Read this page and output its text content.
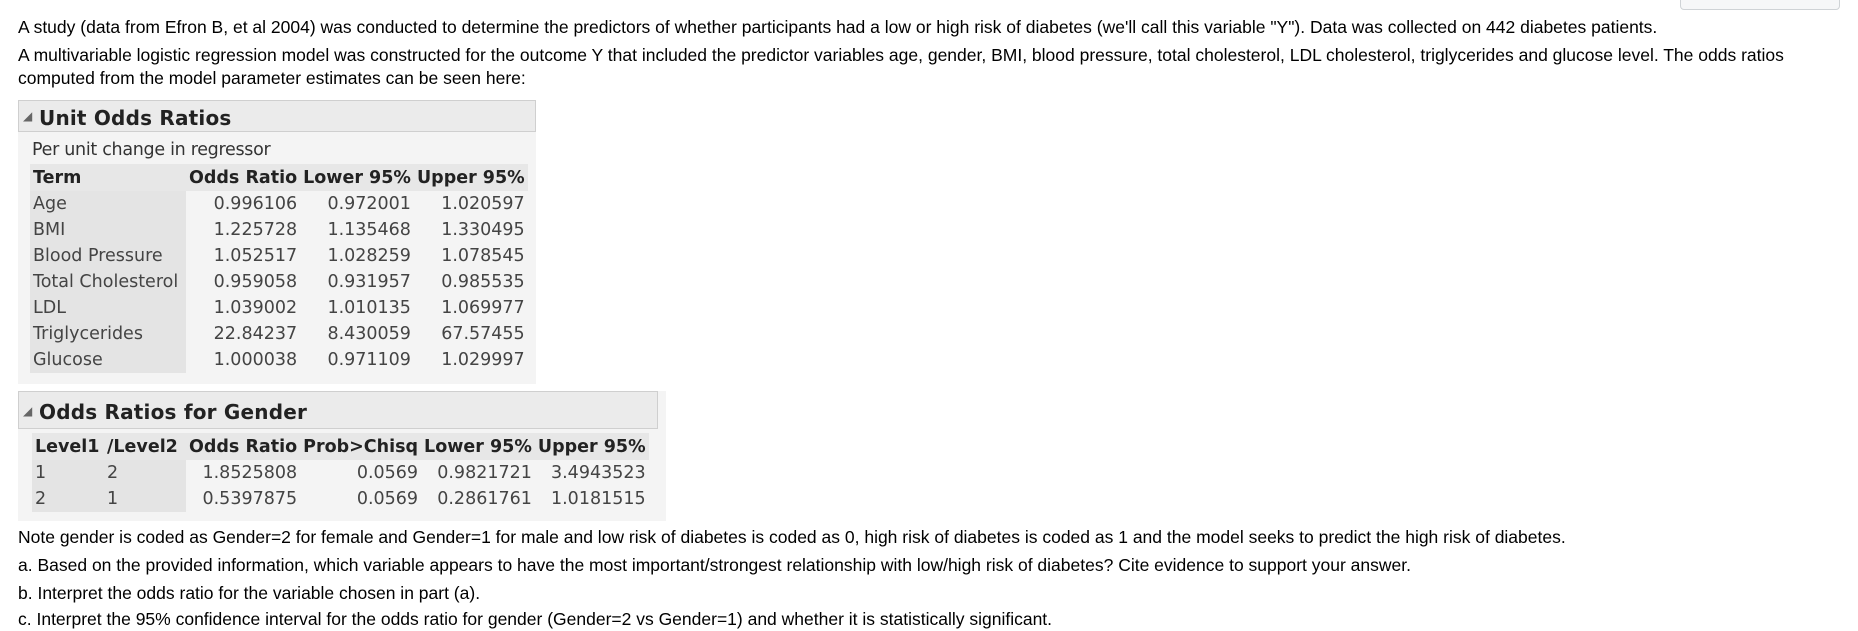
A study (data from Efron B, et al 2004) was conducted to determine the predictors of whether participants had a low or high risk of diabetes (we'll call this variable "Y"). Data was collected on 442 diabetes patients.

A multivariable logistic regression model was constructed for the outcome Y that included the predictor variables age, gender, BMI, blood pressure, total cholesterol, LDL cholesterol, triglycerides and glucose level. The odds ratios

computed from the model parameter estimates can be seen here:

◢ Unit Odds Ratios
Per unit change in regressor
Term	Odds Ratio	Lower 95%	Upper 95%
Age	0.996106	0.972001	1.020597
BMI	1.225728	1.135468	1.330495
Blood Pressure	1.052517	1.028259	1.078545
Total Cholesterol	0.959058	0.931957	0.985535
LDL	1.039002	1.010135	1.069977
Triglycerides	22.84237	8.430059	67.57455
Glucose	1.000038	0.971109	1.029997
◢ Odds Ratios for Gender
Level1	/Level2	Odds Ratio	Prob>Chisq	Lower 95%	Upper 95%
1	2	1.8525808	0.0569	0.9821721	3.4943523
2	1	0.5397875	0.0569	0.2861761	1.0181515

Note gender is coded as Gender=2 for female and Gender=1 for male and low risk of diabetes is coded as 0, high risk of diabetes is coded as 1 and the model seeks to predict the high risk of diabetes.

a. Based on the provided information, which variable appears to have the most important/strongest relationship with low/high risk of diabetes? Cite evidence to support your answer.

b. Interpret the odds ratio for the variable chosen in part (a).

c. Interpret the 95% confidence interval for the odds ratio for gender (Gender=2 vs Gender=1) and whether it is statistically significant.
